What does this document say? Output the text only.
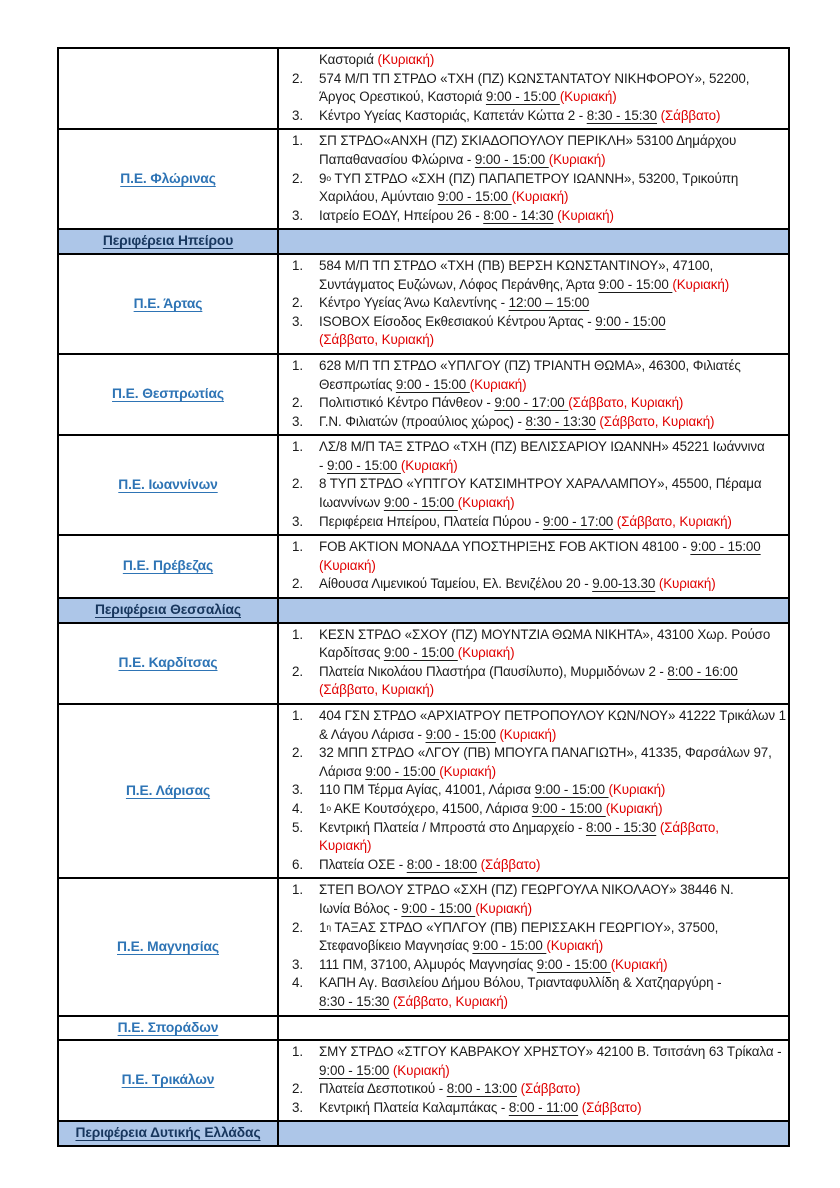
Καστοριά (Κυριακή)
2.	574 Μ/Π ΤΠ ΣΤΡΔΟ «ΤΧΗ (ΠΖ) ΚΩΝΣΤΑΝΤΑΤΟΥ ΝΙΚΗΦΟΡΟΥ», 52200,
Άργος Ορεστικού, Καστοριά 9:00 - 15:00 (Κυριακή)
3.	Κέντρο Υγείας Καστοριάς, Καπετάν Κώττα 2 - 8:30 - 15:30 (Σάββατο)
Π.Ε. Φλώρινας
1.	ΣΠ ΣΤΡΔΟ«ΑΝΧΗ (ΠΖ) ΣΚΙΑΔΟΠΟΥΛΟΥ ΠΕΡΙΚΛΗ» 53100 Δημάρχου
Παπαθανασίου Φλώρινα - 9:00 - 15:00 (Κυριακή)
2.	$9^o$ ΤΥΠ ΣΤΡΔΟ «ΣΧΗ (ΠΖ) ΠΑΠΑΠΕΤΡΟΥ ΙΩΑΝΝΗ», 53200, Τρικούπη
Χαριλάου, Αμύνταιο 9:00 - 15:00 (Κυριακή)
3.	Ιατρείο ΕΟΔΥ, Ηπείρου 26 - 8:00 - 14:30 (Κυριακή)
Περιφέρεια Ηπείρου
Π.Ε. Άρτας
1.	584 Μ/Π ΤΠ ΣΤΡΔΟ «ΤΧΗ (ΠΒ) ΒΕΡΣΗ ΚΩΝΣΤΑΝΤΙΝΟΥ», 47100,
Συντάγματος Ευζώνων, Λόφος Περάνθης, Άρτα 9:00 - 15:00 (Κυριακή)
2.	Κέντρο Υγείας Άνω Καλεντίνης - 12:00 – 15:00
3.	ISOBOX Είσοδος Εκθεσιακού Κέντρου Άρτας - 9:00 - 15:00
(Σάββατο, Κυριακή)
Π.Ε. Θεσπρωτίας
1.	628 Μ/Π ΤΠ ΣΤΡΔΟ «ΥΠΛΓΟΥ (ΠΖ) ΤΡΙΑΝΤΗ ΘΩΜΑ», 46300, Φιλιατές
Θεσπρωτίας 9:00 - 15:00 (Κυριακή)
2.	Πολιτιστικό Κέντρο Πάνθεον - 9:00 - 17:00 (Σάββατο, Κυριακή)
3.	Γ.Ν. Φιλιατών (προαύλιος χώρος) - 8:30 - 13:30 (Σάββατο, Κυριακή)
Π.Ε. Ιωαννίνων
1.	ΛΣ/8 Μ/Π ΤΑΞ ΣΤΡΔΟ «ΤΧΗ (ΠΖ) ΒΕΛΙΣΣΑΡΙΟΥ ΙΩΑΝΝΗ» 45221 Ιωάννινα
- 9:00 - 15:00 (Κυριακή)
2.	8 ΤΥΠ ΣΤΡΔΟ «ΥΠΤΓΟΥ ΚΑΤΣΙΜΗΤΡΟΥ ΧΑΡΑΛΑΜΠΟΥ», 45500, Πέραμα
Ιωαννίνων 9:00 - 15:00 (Κυριακή)
3.	Περιφέρεια Ηπείρου, Πλατεία Πύρου - 9:00 - 17:00 (Σάββατο, Κυριακή)
Π.Ε. Πρέβεζας
1.	FOB AKTION ΜΟΝΑΔΑ ΥΠΟΣΤΗΡΙΞΗΣ FOB AKTION 48100 - 9:00 - 15:00
(Κυριακή)
2.	Αίθουσα Λιμενικού Ταμείου, Ελ. Βενιζέλου 20 - 9.00-13.30 (Κυριακή)
Περιφέρεια Θεσσαλίας
Π.Ε. Καρδίτσας
1.	ΚΕΣΝ ΣΤΡΔΟ «ΣΧΟΥ (ΠΖ) ΜΟΥΝΤΖΙΑ ΘΩΜΑ ΝΙΚΗΤΑ», 43100 Χωρ. Ρούσο
Καρδίτσας 9:00 - 15:00 (Κυριακή)
2.	Πλατεία Νικολάου Πλαστήρα (Παυσίλυπο), Μυρμιδόνων 2 - 8:00 - 16:00
(Σάββατο, Κυριακή)
Π.Ε. Λάρισας
1.	404 ΓΣΝ ΣΤΡΔΟ «ΑΡΧΙΑΤΡΟΥ ΠΕΤΡΟΠΟΥΛΟΥ ΚΩΝ/ΝΟΥ» 41222 Τρικάλων 1
& Λάγου Λάρισα - 9:00 - 15:00 (Κυριακή)
2.	32 ΜΠΠ ΣΤΡΔΟ «ΛΓΟΥ (ΠΒ) ΜΠΟΥΓΑ ΠΑΝΑΓΙΩΤΗ», 41335, Φαρσάλων 97,
Λάρισα 9:00 - 15:00 (Κυριακή)
3.	110 ΠΜ Τέρμα Αγίας, 41001, Λάρισα 9:00 - 15:00 (Κυριακή)
4.	$1^o$ ΑΚΕ Κουτσόχερο, 41500, Λάρισα 9:00 - 15:00 (Κυριακή)
5.	Κεντρική Πλατεία / Μπροστά στο Δημαρχείο - 8:00 - 15:30 (Σάββατο,
Κυριακή)
6.	Πλατεία ΟΣΕ - 8:00 - 18:00 (Σάββατο)
Π.Ε. Μαγνησίας
1.	ΣΤΕΠ ΒΟΛΟΥ ΣΤΡΔΟ «ΣΧΗ (ΠΖ) ΓΕΩΡΓΟΥΛΑ ΝΙΚΟΛΑΟΥ» 38446 Ν.
Ιωνία Βόλος - 9:00 - 15:00 (Κυριακή)
2.	$1^\eta$ ΤΑΞΑΣ ΣΤΡΔΟ «ΥΠΛΓΟΥ (ΠΒ) ΠΕΡΙΣΣΑΚΗ ΓΕΩΡΓΙΟΥ», 37500,
Στεφανοβίκειο Μαγνησίας 9:00 - 15:00 (Κυριακή)
3.	111 ΠΜ, 37100, Αλμυρός Μαγνησίας 9:00 - 15:00 (Κυριακή)
4.	ΚΑΠΗ Αγ. Βασιλείου Δήμου Βόλου, Τριανταφυλλίδη & Χατζηαργύρη -
8:30 - 15:30 (Σάββατο, Κυριακή)
Π.Ε. Σποράδων
Π.Ε. Τρικάλων
1.	ΣΜΥ ΣΤΡΔΟ «ΣΤΓΟΥ ΚΑΒΡΑΚΟΥ ΧΡΗΣΤΟΥ» 42100 Β. Τσιτσάνη 63 Τρίκαλα -
9:00 - 15:00 (Κυριακή)
2.	Πλατεία Δεσποτικού - 8:00 - 13:00 (Σάββατο)
3.	Κεντρική Πλατεία Καλαμπάκας - 8:00 - 11:00 (Σάββατο)
Περιφέρεια Δυτικής Ελλάδας
